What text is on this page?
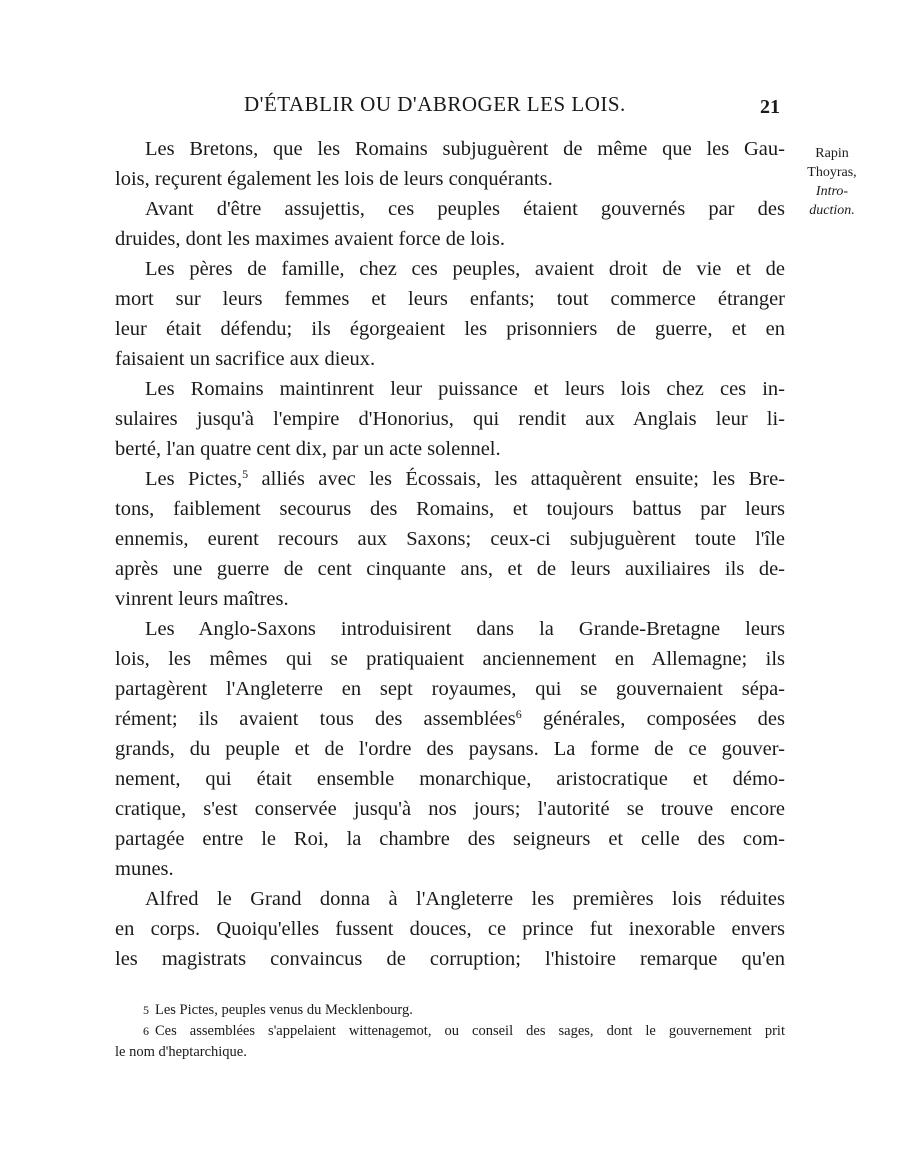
D'ÉTABLIR OU D'ABROGER LES LOIS.	21
Rapin
Thoyras,
Intro-
duction.
Les Bretons, que les Romains subjuguèrent de même que les Gau-
lois, reçurent également les lois de leurs conquérants.
Avant d'être assujettis, ces peuples étaient gouvernés par des
druides, dont les maximes avaient force de lois.
Les pères de famille, chez ces peuples, avaient droit de vie et de
mort sur leurs femmes et leurs enfants; tout commerce étranger
leur était défendu; ils égorgeaient les prisonniers de guerre, et en
faisaient un sacrifice aux dieux.
Les Romains maintinrent leur puissance et leurs lois chez ces in-
sulaires jusqu'à l'empire d'Honorius, qui rendit aux Anglais leur li-
berté, l'an quatre cent dix, par un acte solennel.
Les Pictes,$^5$ alliés avec les Écossais, les attaquèrent ensuite; les Bre-
tons, faiblement secourus des Romains, et toujours battus par leurs
ennemis, eurent recours aux Saxons; ceux-ci subjuguèrent toute l'île
après une guerre de cent cinquante ans, et de leurs auxiliaires ils de-
vinrent leurs maîtres.
Les Anglo-Saxons introduisirent dans la Grande-Bretagne leurs
lois, les mêmes qui se pratiquaient anciennement en Allemagne; ils
partagèrent l'Angleterre en sept royaumes, qui se gouvernaient sépa-
rément; ils avaient tous des assemblées$^6$ générales, composées des
grands, du peuple et de l'ordre des paysans. La forme de ce gouver-
nement, qui était ensemble monarchique, aristocratique et démo-
cratique, s'est conservée jusqu'à nos jours; l'autorité se trouve encore
partagée entre le Roi, la chambre des seigneurs et celle des com-
munes.
Alfred le Grand donna à l'Angleterre les premières lois réduites
en corps. Quoiqu'elles fussent douces, ce prince fut inexorable envers
les magistrats convaincus de corruption; l'histoire remarque qu'en
5 Les Pictes, peuples venus du Mecklenbourg.
6 Ces assemblées s'appelaient wittenagemot, ou conseil des sages, dont le gouvernement prit
le nom d'heptarchique.
